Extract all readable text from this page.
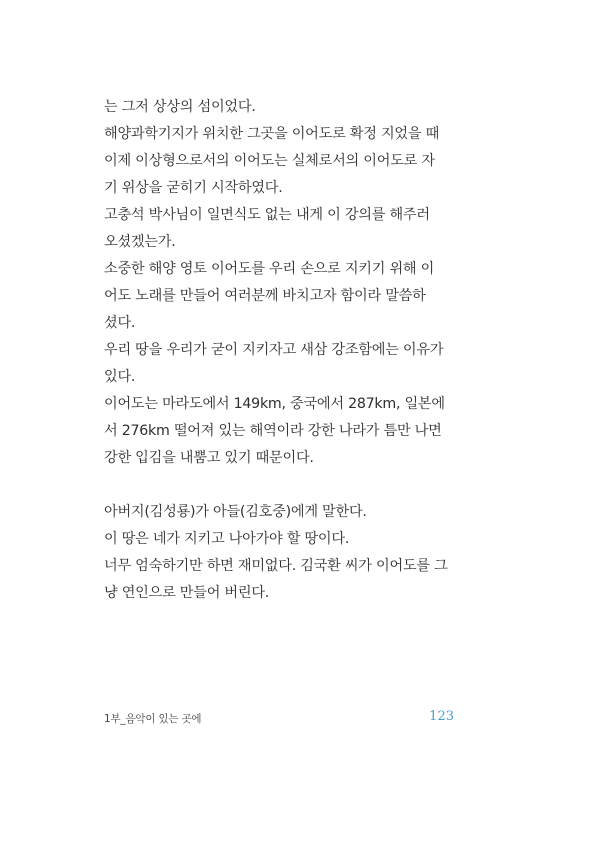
는 그저 상상의 섬이었다.
해양과학기지가 위치한 그곳을 이어도로 확정 지었을 때
이제 이상형으로서의 이어도는 실체로서의 이어도로 자
기 위상을 굳히기 시작하였다.
고충석 박사님이 일면식도 없는 내게 이 강의를 해주러
오셨겠는가.
소중한 해양 영토 이어도를 우리 손으로 지키기 위해 이
어도 노래를 만들어 여러분께 바치고자 함이라 말씀하
셨다.
우리 땅을 우리가 굳이 지키자고 새삼 강조함에는 이유가
있다.
이어도는 마라도에서 149km, 중국에서 287km, 일본에
서 276km 떨어져 있는 해역이라 강한 나라가 틈만 나면
강한 입김을 내뿜고 있기 때문이다.
아버지(김성룡)가 아들(김호중)에게 말한다.
이 땅은 네가 지키고 나아가야 할 땅이다.
너무 엄숙하기만 하면 재미없다. 김국환 씨가 이어도를 그
냥 연인으로 만들어 버린다.
1부_음악이 있는 곳에	123
